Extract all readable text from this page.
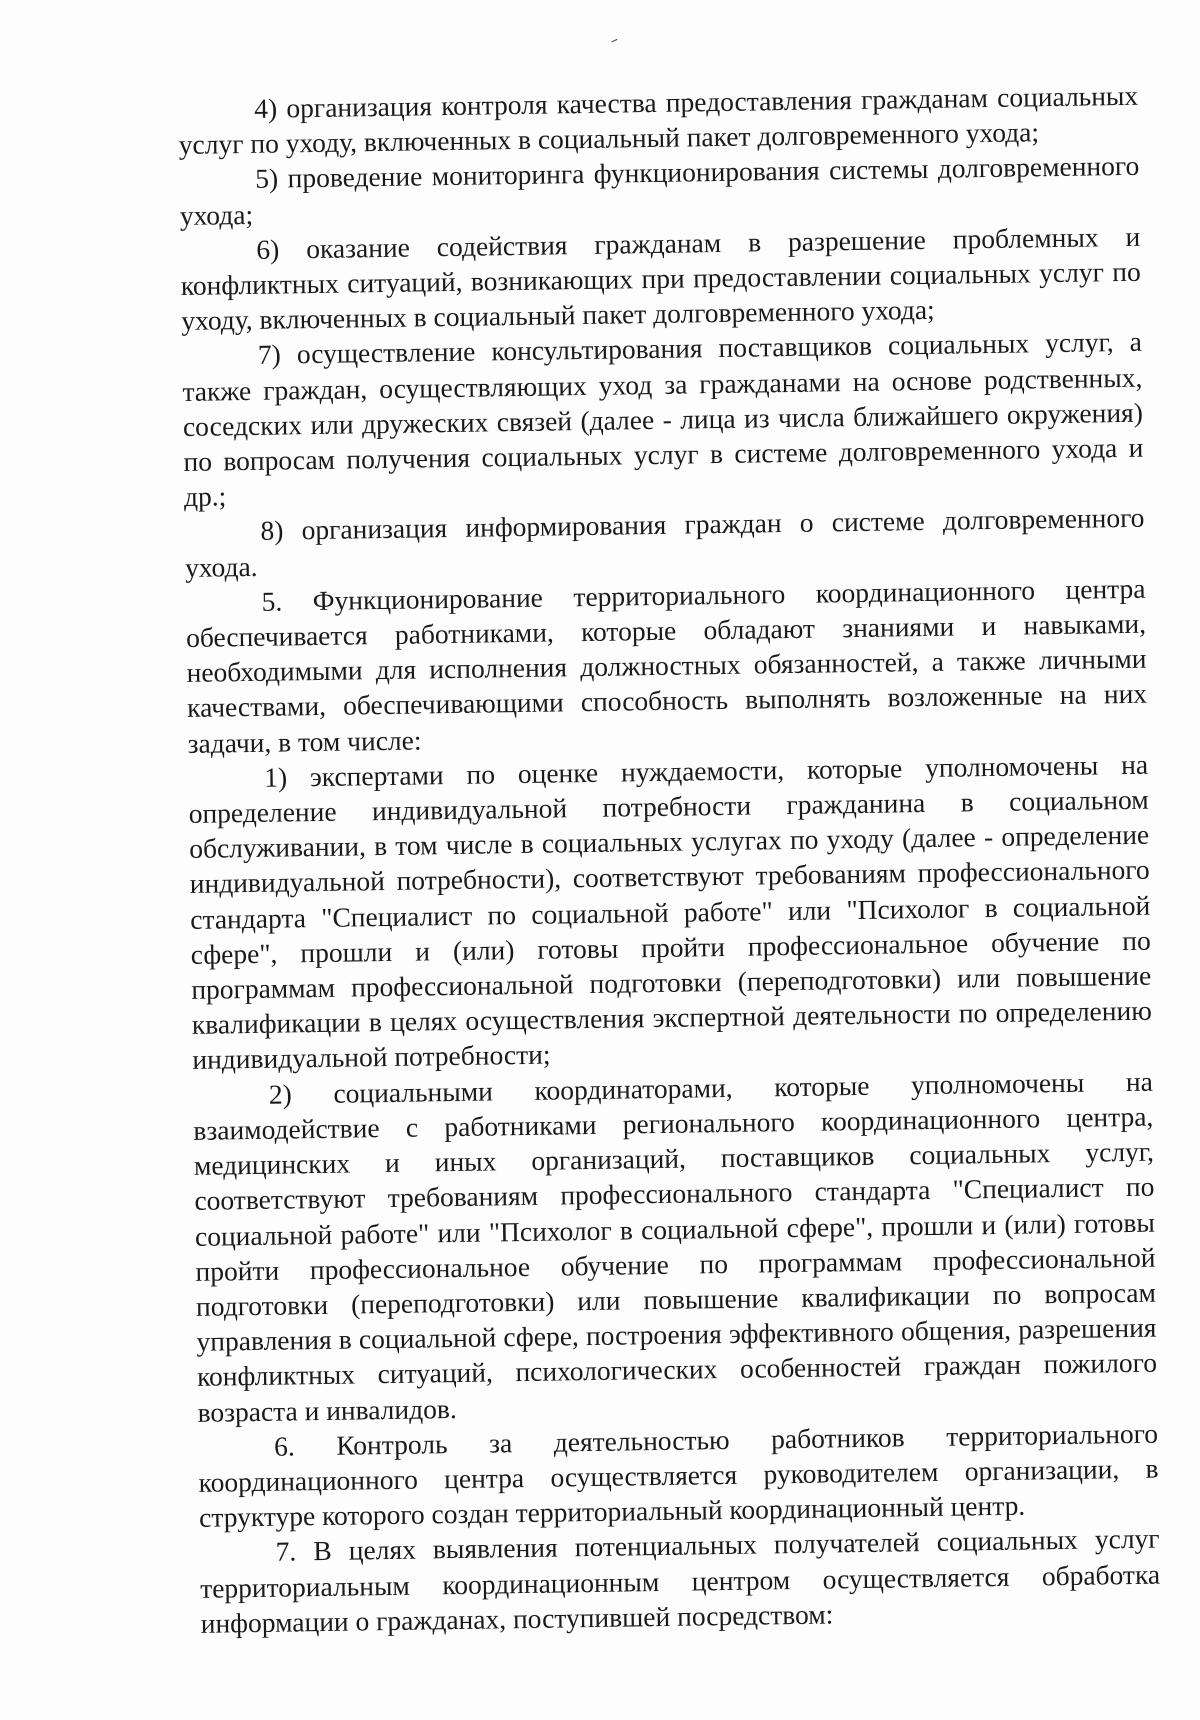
4) организация контроля качества предоставления гражданам социальных услуг по уходу, включенных в социальный пакет долговременного ухода;

5) проведение мониторинга функционирования системы долговременного ухода;

6) оказание содействия гражданам в разрешение проблемных и конфликтных ситуаций, возникающих при предоставлении социальных услуг по уходу, включенных в социальный пакет долговременного ухода;

7) осуществление консультирования поставщиков социальных услуг, а также граждан, осуществляющих уход за гражданами на основе родственных, соседских или дружеских связей (далее - лица из числа ближайшего окружения) по вопросам получения социальных услуг в системе долговременного ухода и др.;

8) организация информирования граждан о системе долговременного ухода.

5. Функционирование территориального координационного центра обеспечивается работниками, которые обладают знаниями и навыками, необходимыми для исполнения должностных обязанностей, а также личными качествами, обеспечивающими способность выполнять возложенные на них задачи, в том числе:

1) экспертами по оценке нуждаемости, которые уполномочены на определение индивидуальной потребности гражданина в социальном обслуживании, в том числе в социальных услугах по уходу (далее - определение индивидуальной потребности), соответствуют требованиям профессионального стандарта "Специалист по социальной работе" или "Психолог в социальной сфере", прошли и (или) готовы пройти профессиональное обучение по программам профессиональной подготовки (переподготовки) или повышение квалификации в целях осуществления экспертной деятельности по определению индивидуальной потребности;

2) социальными координаторами, которые уполномочены на взаимодействие с работниками регионального координационного центра, медицинских и иных организаций, поставщиков социальных услуг, соответствуют требованиям профессионального стандарта "Специалист по социальной работе" или "Психолог в социальной сфере", прошли и (или) готовы пройти профессиональное обучение по программам профессиональной подготовки (переподготовки) или повышение квалификации по вопросам управления в социальной сфере, построения эффективного общения, разрешения конфликтных ситуаций, психологических особенностей граждан пожилого возраста и инвалидов.

6. Контроль за деятельностью работников территориального координационного центра осуществляется руководителем организации, в структуре которого создан территориальный координационный центр.

7. В целях выявления потенциальных получателей социальных услуг территориальным координационным центром осуществляется обработка информации о гражданах, поступившей посредством:
